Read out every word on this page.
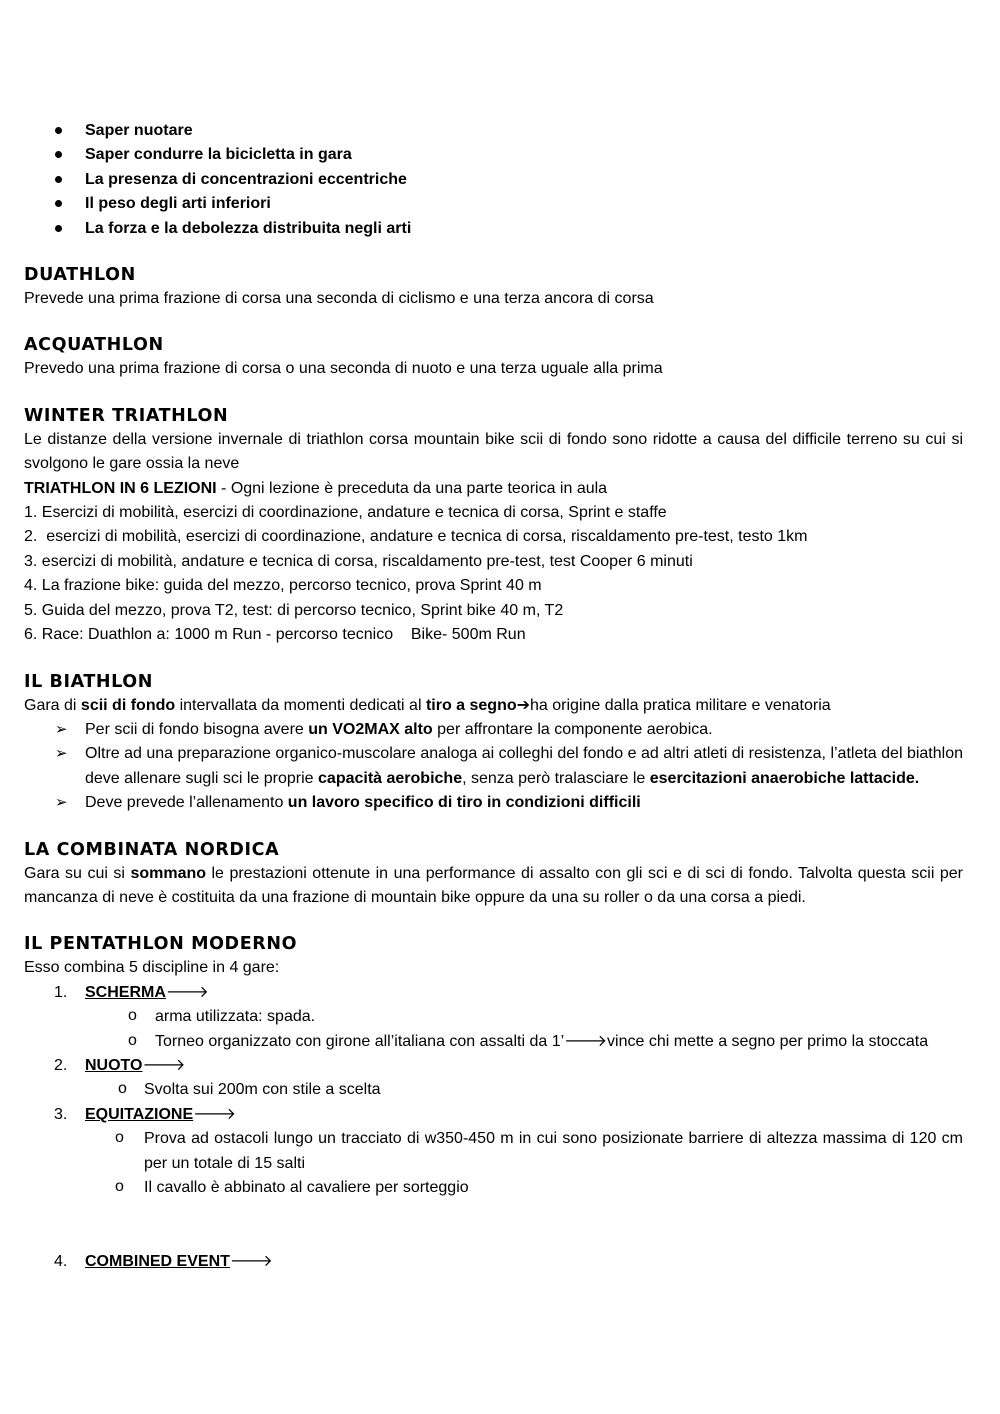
Saper nuotare
Saper condurre la bicicletta in gara
La presenza di concentrazioni eccentriche
Il peso degli arti inferiori
La forza e la debolezza distribuita negli arti
DUATHLON

Prevede una prima frazione di corsa una seconda di ciclismo e una terza ancora di corsa

ACQUATHLON

Prevedo una prima frazione di corsa o una seconda di nuoto e una terza uguale alla prima

WINTER TRIATHLON

Le distanze della versione invernale di triathlon corsa mountain bike scii di fondo sono ridotte a causa del difficile terreno su cui si svolgono le gare ossia la neve

TRIATHLON IN 6 LEZIONI - Ogni lezione è preceduta da una parte teorica in aula

1. Esercizi di mobilità, esercizi di coordinazione, andature e tecnica di corsa, Sprint e staffe

2.  esercizi di mobilità, esercizi di coordinazione, andature e tecnica di corsa, riscaldamento pre-test, testo 1km

3. esercizi di mobilità, andature e tecnica di corsa, riscaldamento pre-test, test Cooper 6 minuti

4. La frazione bike: guida del mezzo, percorso tecnico, prova Sprint 40 m

5. Guida del mezzo, prova T2, test: di percorso tecnico, Sprint bike 40 m, T2

6. Race: Duathlon a: 1000 m Run - percorso tecnico    Bike- 500m Run

IL BIATHLON

Gara di scii di fondo intervallata da momenti dedicati al tiro a segno➔ha origine dalla pratica militare e venatoria

➢ Per scii di fondo bisogna avere un VO2MAX alto per affrontare la componente aerobica.
➢ Oltre ad una preparazione organico-muscolare analoga ai colleghi del fondo e ad altri atleti di resistenza, l’atleta del biathlon deve allenare sugli sci le proprie capacità aerobiche, senza però tralasciare le esercitazioni anaerobiche lattacide.
➢ Deve prevede l’allenamento un lavoro specifico di tiro in condizioni difficili
LA COMBINATA NORDICA

Gara su cui si sommano le prestazioni ottenute in una performance di assalto con gli sci e di sci di fondo. Talvolta questa scii per mancanza di neve è costituita da una frazione di mountain bike oppure da una su roller o da una corsa a piedi.

IL PENTATHLON MODERNO

Esso combina 5 discipline in 4 gare:

1. SCHERMA🡒
o arma utilizzata: spada.
o Torneo organizzato con girone all’italiana con assalti da 1’🡒vince chi mette a segno per primo la stoccata
2. NUOTO🡒
o Svolta sui 200m con stile a scelta
3. EQUITAZIONE🡒
o Prova ad ostacoli lungo un tracciato di w350-450 m in cui sono posizionate barriere di altezza massima di 120 cm per un totale di 15 salti
o Il cavallo è abbinato al cavaliere per sorteggio
4. COMBINED EVENT🡒
